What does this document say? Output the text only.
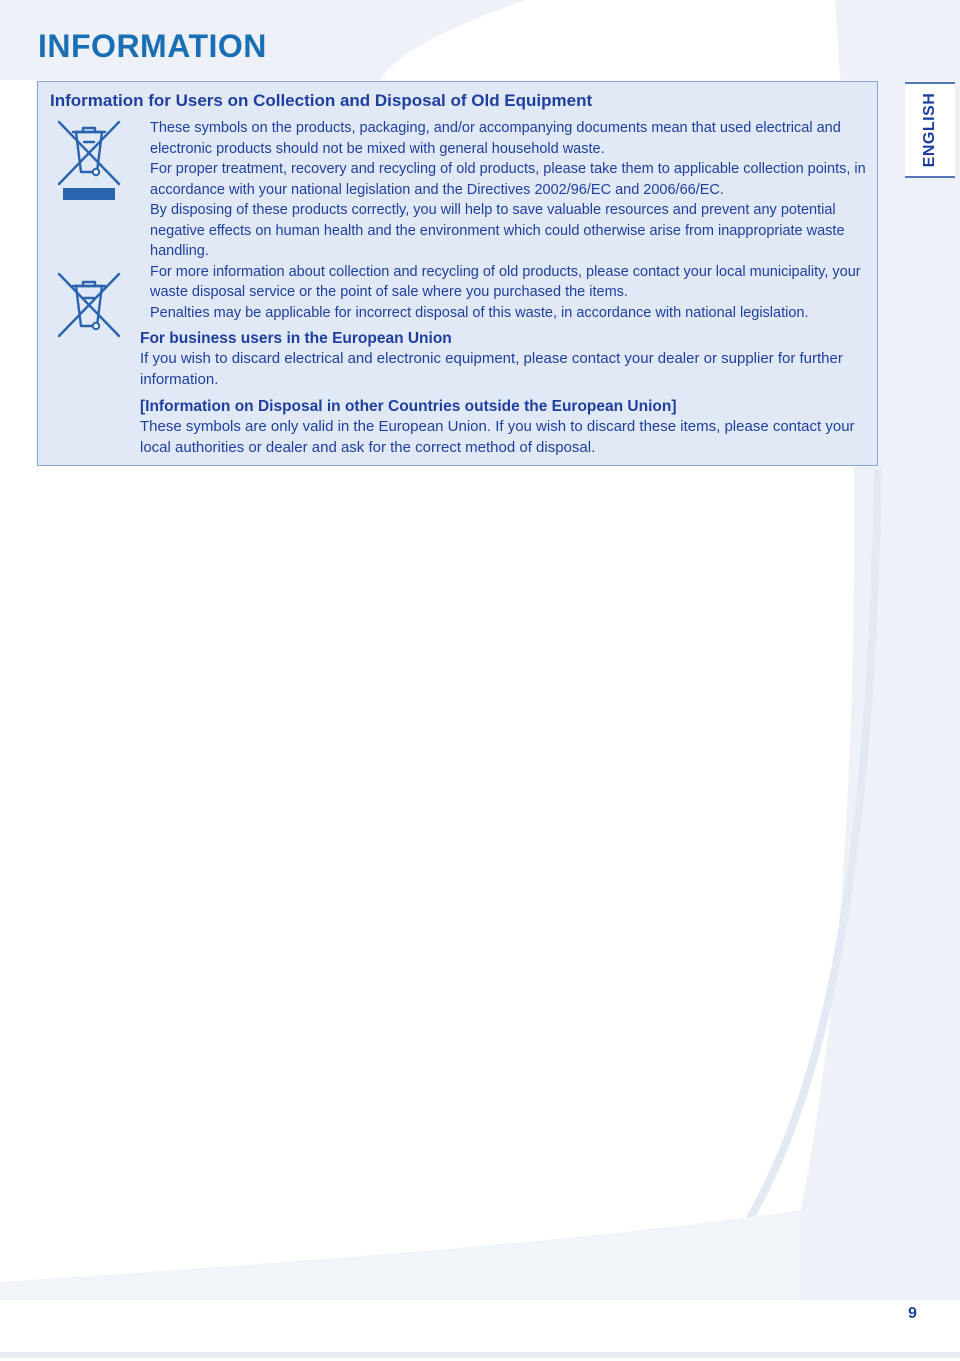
INFORMATION
Information for Users on Collection and Disposal of Old Equipment

These symbols on the products, packaging, and/or accompanying documents mean that used electrical and electronic products should not be mixed with general household waste.

For proper treatment, recovery and recycling of old products, please take them to applicable collection points, in accordance with your national legislation and the Directives 2002/96/EC and 2006/66/EC.

By disposing of these products correctly, you will help to save valuable resources and prevent any potential negative effects on human health and the environment which could otherwise arise from inappropriate waste handling.

For more information about collection and recycling of old products, please contact your local municipality, your waste disposal service or the point of sale where you purchased the items.

Penalties may be applicable for incorrect disposal of this waste, in accordance with national legislation.

For business users in the European Union

If you wish to discard electrical and electronic equipment, please contact your dealer or supplier for further information.

[Information on Disposal in other Countries outside the European Union]

These symbols are only valid in the European Union. If you wish to discard these items, please contact your local authorities or dealer and ask for the correct method of disposal.

ENGLISH
9
